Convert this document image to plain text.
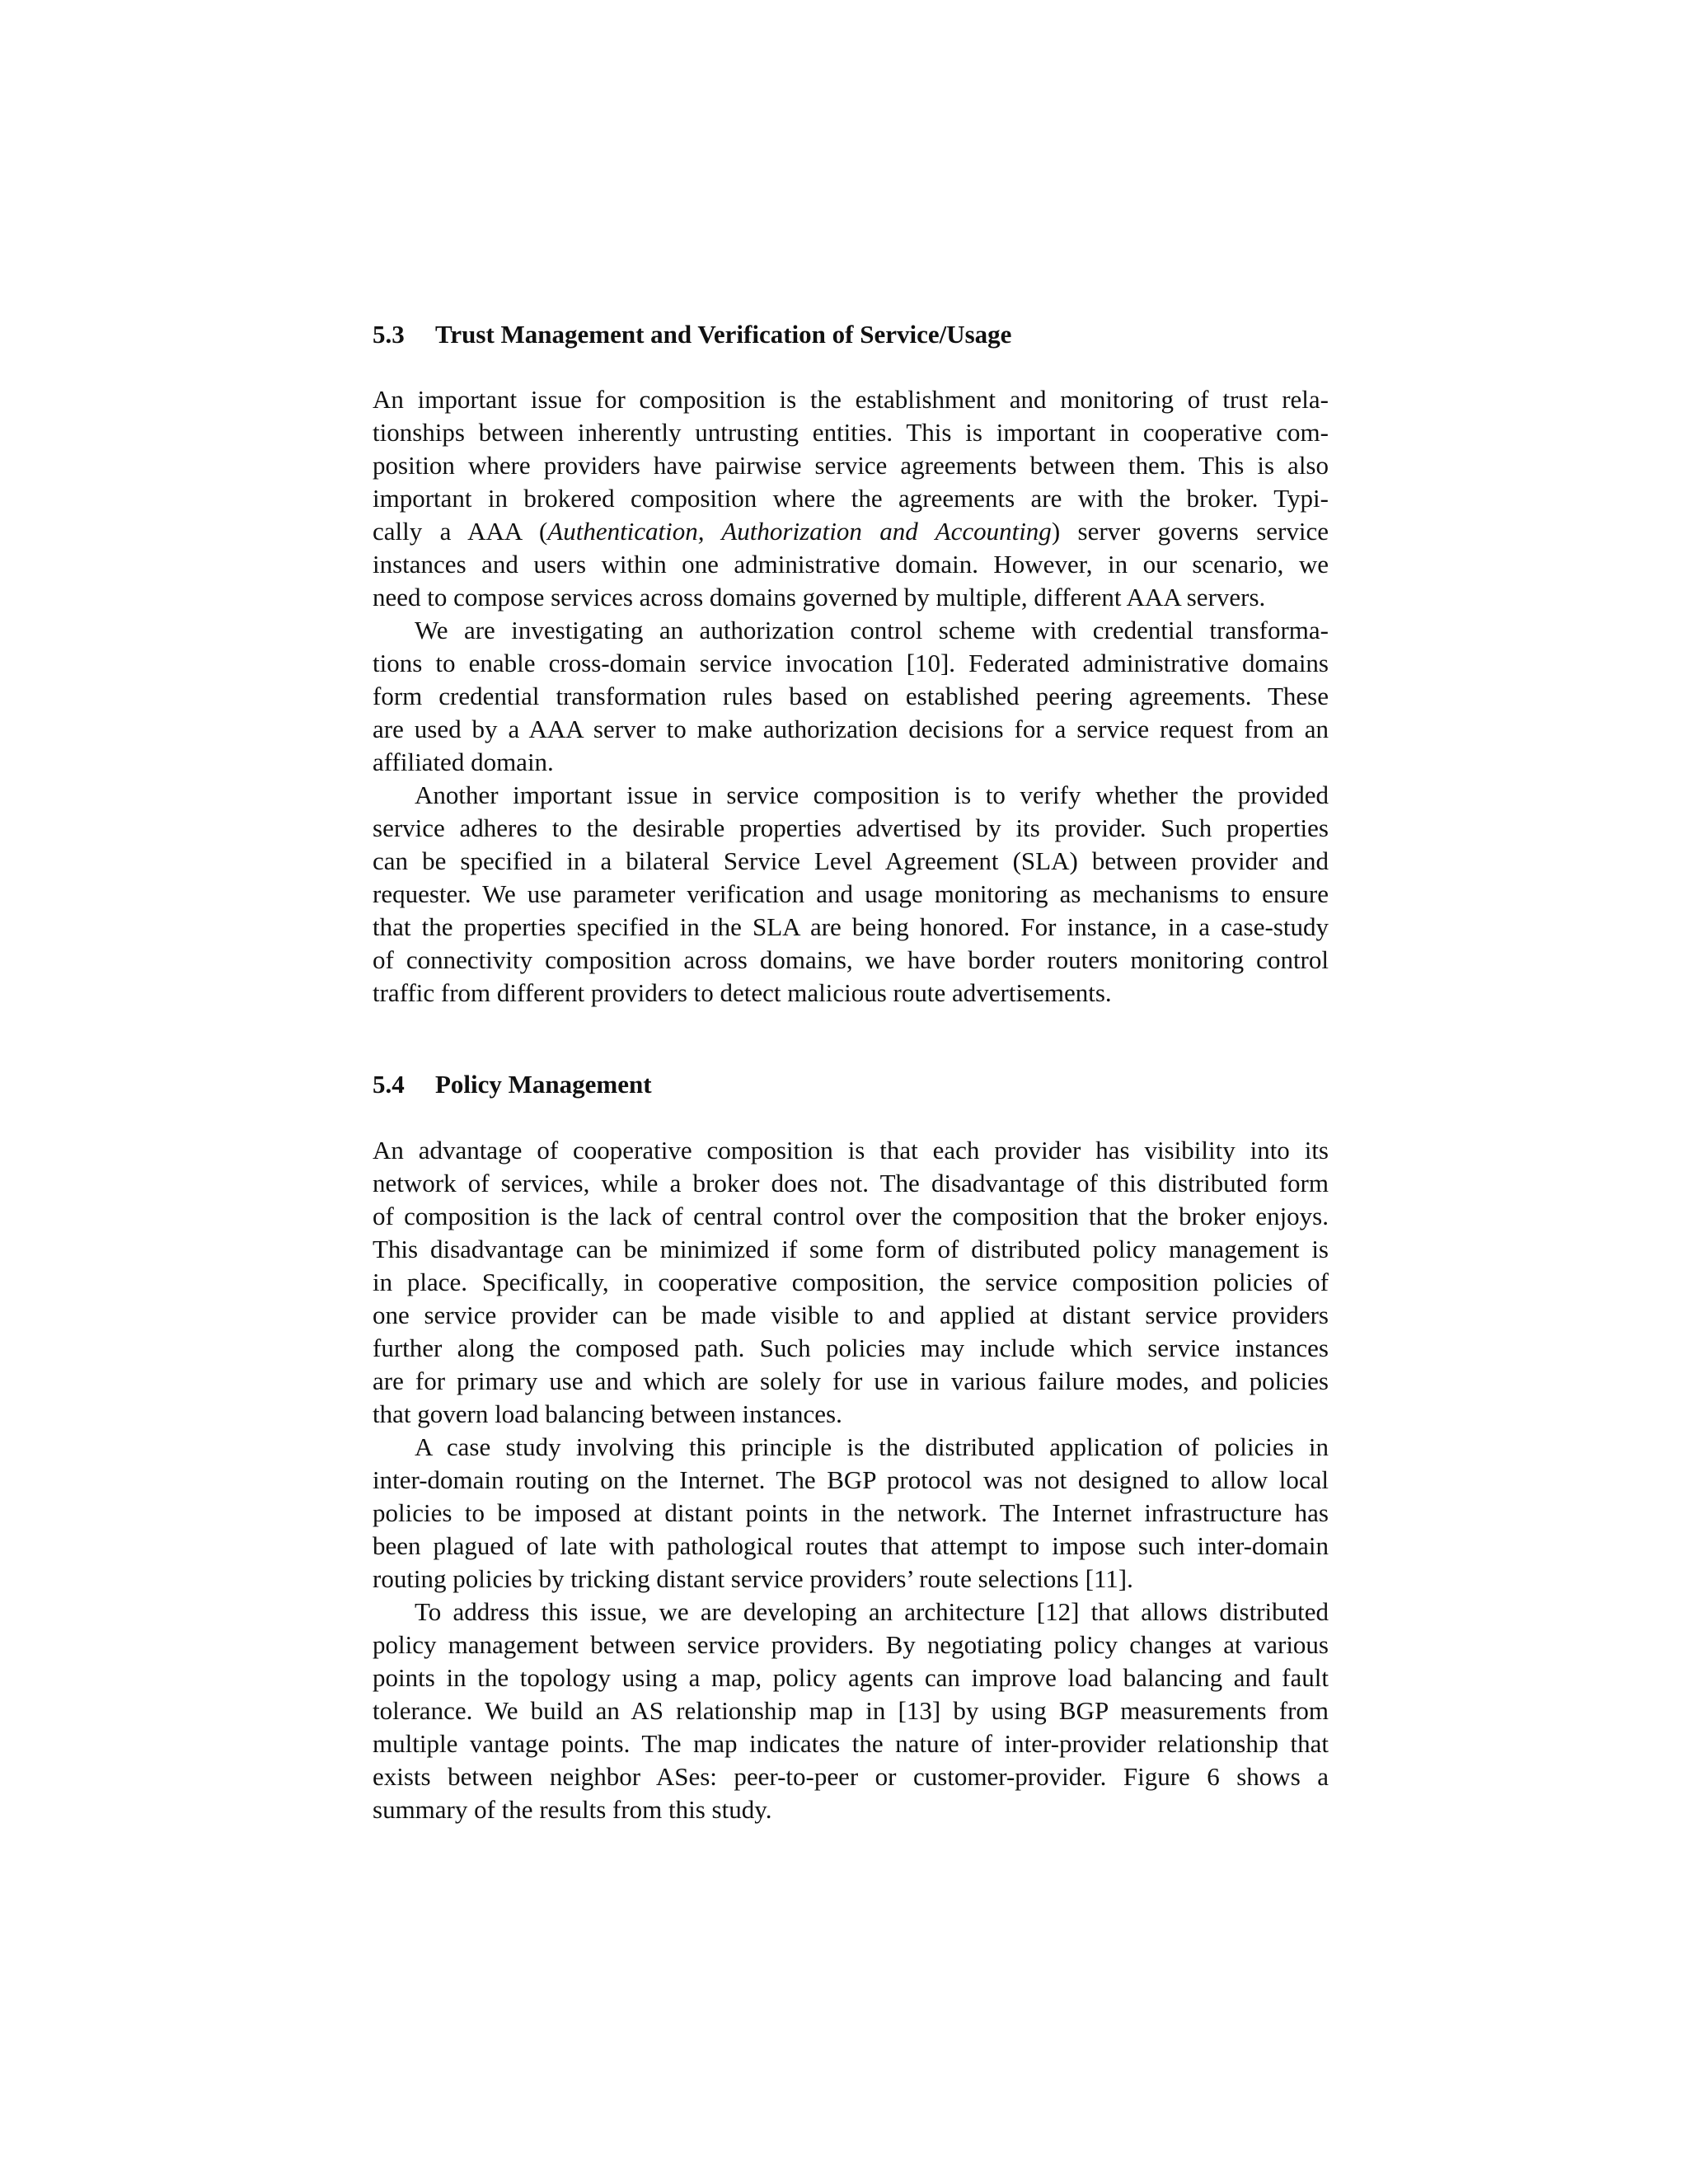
5.3 Trust Management and Verification of Service/Usage

An important issue for composition is the establishment and monitoring of trust rela-
tionships between inherently untrusting entities. This is important in cooperative com-
position where providers have pairwise service agreements between them. This is also
important in brokered composition where the agreements are with the broker. Typi-
cally a AAA (Authentication, Authorization and Accounting) server governs service
instances and users within one administrative domain. However, in our scenario, we
need to compose services across domains governed by multiple, different AAA servers.

We are investigating an authorization control scheme with credential transforma-
tions to enable cross-domain service invocation [10]. Federated administrative domains
form credential transformation rules based on established peering agreements. These
are used by a AAA server to make authorization decisions for a service request from an
affiliated domain.

Another important issue in service composition is to verify whether the provided
service adheres to the desirable properties advertised by its provider. Such properties
can be specified in a bilateral Service Level Agreement (SLA) between provider and
requester. We use parameter verification and usage monitoring as mechanisms to ensure
that the properties specified in the SLA are being honored. For instance, in a case-study
of connectivity composition across domains, we have border routers monitoring control
traffic from different providers to detect malicious route advertisements.

5.4 Policy Management

An advantage of cooperative composition is that each provider has visibility into its
network of services, while a broker does not. The disadvantage of this distributed form
of composition is the lack of central control over the composition that the broker enjoys.
This disadvantage can be minimized if some form of distributed policy management is
in place. Specifically, in cooperative composition, the service composition policies of
one service provider can be made visible to and applied at distant service providers
further along the composed path. Such policies may include which service instances
are for primary use and which are solely for use in various failure modes, and policies
that govern load balancing between instances.

A case study involving this principle is the distributed application of policies in
inter-domain routing on the Internet. The BGP protocol was not designed to allow local
policies to be imposed at distant points in the network. The Internet infrastructure has
been plagued of late with pathological routes that attempt to impose such inter-domain
routing policies by tricking distant service providers’ route selections [11].

To address this issue, we are developing an architecture [12] that allows distributed
policy management between service providers. By negotiating policy changes at various
points in the topology using a map, policy agents can improve load balancing and fault
tolerance. We build an AS relationship map in [13] by using BGP measurements from
multiple vantage points. The map indicates the nature of inter-provider relationship that
exists between neighbor ASes: peer-to-peer or customer-provider. Figure 6 shows a
summary of the results from this study.
